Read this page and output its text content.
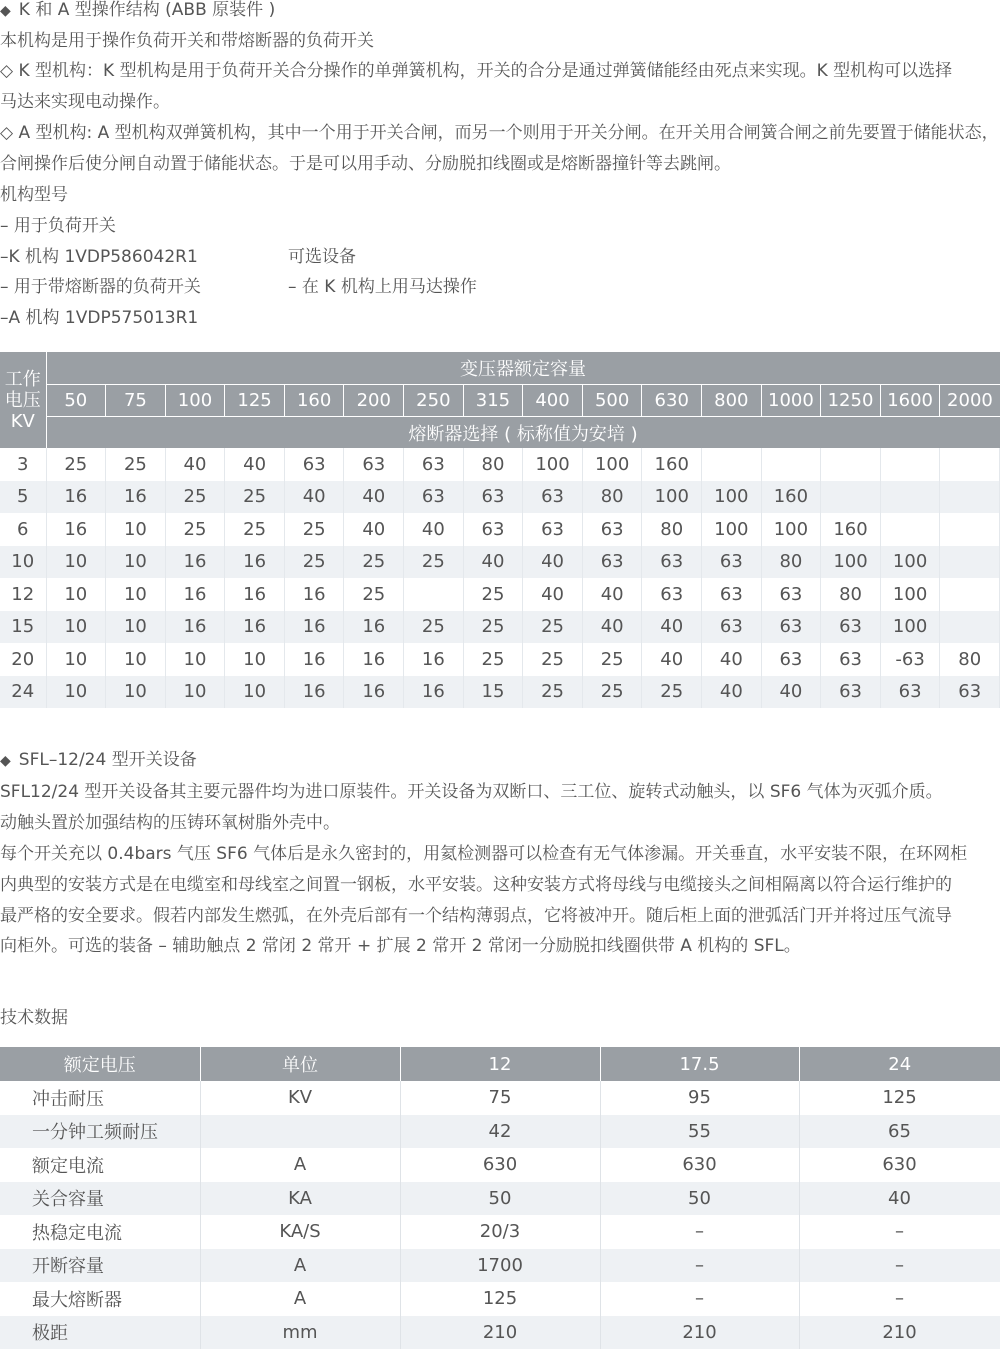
◆ K 和 A 型操作结构 (ABB 原装件 )
本机构是用于操作负荷开关和带熔断器的负荷开关
◇ K 型机构：K 型机构是用于负荷开关合分操作的单弹簧机构，开关的合分是通过弹簧储能经由死点来实现。K 型机构可以选择
马达来实现电动操作。
◇ A 型机构: A 型机构双弹簧机构，其中一个用于开关合闸，而另一个则用于开关分闸。在开关用合闸簧合闸之前先要置于储能状态，
合闸操作后使分闸自动置于储能状态。于是可以用手动、分励脱扣线圈或是熔断器撞针等去跳闸。
机构型号
– 用于负荷开关
–K 机构 1VDP586042R1	可选设备
– 用于带熔断器的负荷开关	– 在 K 机构上用马达操作
–A 机构 1VDP575013R1
工作
电压
KV	变压器额定容量															
	50	75	100	125	160	200	250	315	400	500	630	800	1000	1250	1600	2000
	熔断器选择 ( 标称值为安培 )															
3	25	25	40	40	63	63	63	80	100	100	160					
5	16	16	25	25	40	40	63	63	63	80	100	100	160			
6	16	10	25	25	25	40	40	63	63	63	80	100	100	160		
10	10	10	16	16	25	25	25	40	40	63	63	63	80	100	100	
12	10	10	16	16	16	25		25	40	40	63	63	63	80	100	
15	10	10	16	16	16	16	25	25	25	40	40	63	63	63	100	
20	10	10	10	10	16	16	16	25	25	25	40	40	63	63	-63	80
24	10	10	10	10	16	16	16	15	25	25	25	40	40	63	63	63
◆ SFL–12/24 型开关设备
SFL12/24 型开关设备其主要元器件均为进口原装件。开关设备为双断口、三工位、旋转式动触头，以 SF6 气体为灭弧介质。
动触头置於加强结构的压铸环氧树脂外壳中。
每个开关充以 0.4bars 气压 SF6 气体后是永久密封的，用氦检测器可以检查有无气体渗漏。开关垂直，水平安装不限，在环网柜
内典型的安装方式是在电缆室和母线室之间置一钢板，水平安装。这种安装方式将母线与电缆接头之间相隔离以符合运行维护的
最严格的安全要求。假若内部发生燃弧，在外壳后部有一个结构薄弱点，它将被冲开。随后柜上面的泄弧活门开并将过压气流导
向柜外。可选的装备 – 辅助触点 2 常闭 2 常开 + 扩展 2 常开 2 常闭一分励脱扣线圈供带 A 机构的 SFL。
技术数据
额定电压	单位	12	17.5	24
冲击耐压	KV	75	95	125
一分钟工频耐压		42	55	65
额定电流	A	630	630	630
关合容量	KA	50	50	40
热稳定电流	KA/S	20/3	–	–
开断容量	A	1700	–	–
最大熔断器	A	125	–	–
极距	mm	210	210	210
